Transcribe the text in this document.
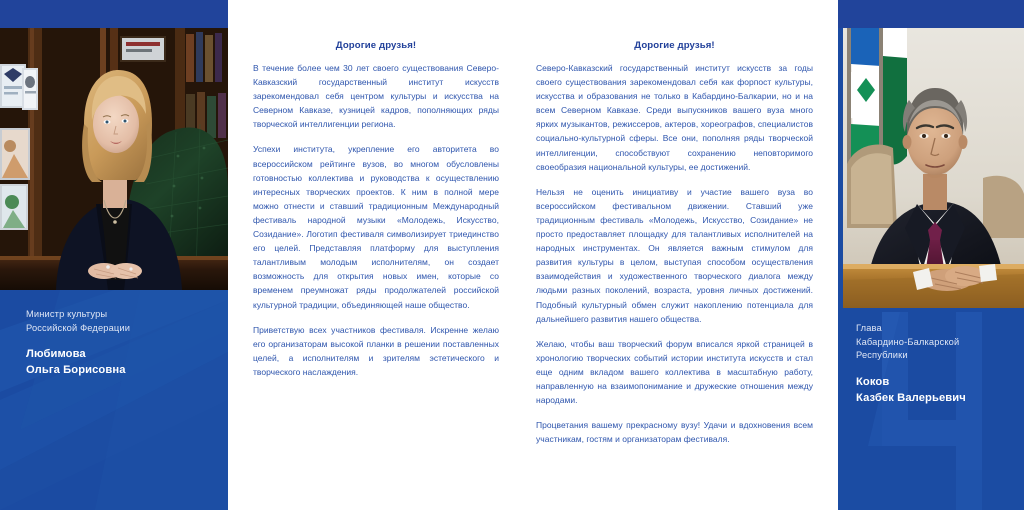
Министр культуры
Российской Федерации
Любимова
Ольга Борисовна
Дорогие друзья!

В течение более чем 30 лет своего существования Северо-Кавказский государственный институт искусств зарекомендовал себя центром культуры и искусства на Северном Кавказе, кузницей кадров, пополняющих ряды творческой интеллигенции региона.

Успехи института, укрепление его авторитета во всероссийском рейтинге вузов, во многом обусловлены готовностью коллектива и руководства к осуществлению интересных творческих проектов. К ним в полной мере можно отнести и ставший традиционным Международный фестиваль народной музыки «Молодежь, Искусство, Созидание». Логотип фестиваля символизирует триединство его целей. Представляя платформу для выступления талантливым молодым исполнителям, он создает возможность для открытия новых имен, которые со временем преумножат ряды продолжателей российской культурной традиции, объединяющей наше общество.

Приветствую всех участников фестиваля. Искренне желаю его организаторам высокой планки в решении поставленных целей, а исполнителям и зрителям эстетического и творческого наслаждения.

Дорогие друзья!

Северо-Кавказский государственный институт искусств за годы своего существования зарекомендовал себя как форпост культуры, искусства и образования не только в Кабардино-Балкарии, но и на всем Северном Кавказе. Среди выпускников вашего вуза много ярких музыкантов, режиссеров, актеров, хореографов, специалистов социально-культурной сферы. Все они, пополняя ряды творческой интеллигенции, способствуют сохранению неповторимого своеобразия национальной культуры, ее достижений.

Нельзя не оценить инициативу и участие вашего вуза во всероссийском фестивальном движении. Ставший уже традиционным фестиваль «Молодежь, Искусство, Созидание» не просто предоставляет площадку для талантливых исполнителей на народных инструментах. Он является важным стимулом для развития культуры в целом, выступая способом осуществления взаимодействия и художественного творческого диалога между людьми разных поколений, возраста, уровня личных достижений. Подобный культурный обмен служит накоплению потенциала для дальнейшего развития нашего общества.

Желаю, чтобы ваш творческий форум вписался яркой страницей в хронологию творческих событий истории института искусств и стал еще одним вкладом вашего коллектива в масштабную работу, направленную на взаимопонимание и дружеские отношения между народами.

Процветания вашему прекрасному вузу! Удачи и вдохновения всем участникам, гостям и организаторам фестиваля.

Глава
Кабардино-Балкарской
Республики
Коков
Казбек Валерьевич
